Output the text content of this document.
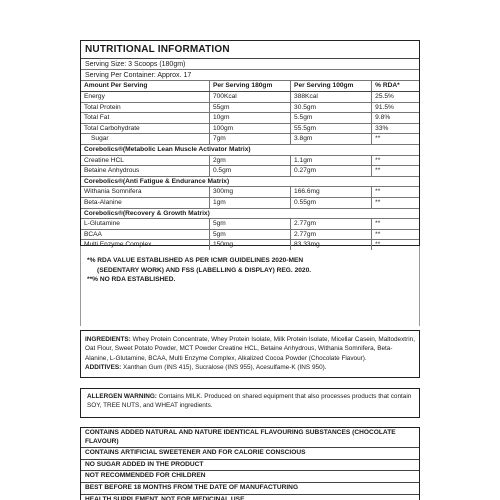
NUTRITIONAL INFORMATION
Serving Size: 3 Scoops (180gm)
Serving Per Container: Approx. 17
Amount Per Serving	Per Serving 180gm	Per Serving 100gm	% RDA*
Energy	700Kcal	388Kcal	25.5%
Total Protein	55gm	30.5gm	91.5%
Total Fat	10gm	5.5gm	9.8%
Total Carbohydrate	100gm	55.5gm	33%
Sugar	7gm	3.8gm	**
Corebolics®(Metabolic Lean Muscle Activator Matrix)			
Creatine HCL	2gm	1.1gm	**
Betaine Anhydrous	0.5gm	0.27gm	**
Corebolics®(Anti Fatigue & Endurance Matrix)			
Withania Somnifera	300mg	166.6mg	**
Beta-Alanine	1gm	0.55gm	**
Corebolics®(Recovery & Growth Matrix)			
L-Glutamine	5gm	2.77gm	**
BCAA	5gm	2.77gm	**
Multi Enzyme Complex	150mg	83.33mg	**
*% RDA VALUE ESTABLISHED AS PER ICMR GUIDELINES 2020-MEN
(SEDENTARY WORK) AND FSS (LABELLING & DISPLAY) REG. 2020.
**% NO RDA ESTABLISHED.
INGREDIENTS: Whey Protein Concentrate, Whey Protein Isolate, Milk Protein Isolate, Micellar Casein, Maltodextrin, Oat Flour, Sweet Potato Powder, MCT Powder Creatine HCL, Betaine Anhydrous, Withania Somnifera, Beta-Alanine, L-Glutamine, BCAA, Multi Enzyme Complex, Alkalized Cocoa Powder (Chocolate Flavour).
ADDITIVES: Xanthan Gum (INS 415), Sucralose (INS 955), Acesulfame-K (INS 950).
ALLERGEN WARNING: Contains MILK. Produced on shared equipment that also processes products that contain SOY, TREE NUTS, and WHEAT ingredients.
CONTAINS ADDED NATURAL AND NATURE IDENTICAL FLAVOURING SUBSTANCES (CHOCOLATE FLAVOUR)
CONTAINS ARTIFICIAL SWEETENER AND FOR CALORIE CONSCIOUS
NO SUGAR ADDED IN THE PRODUCT
NOT RECOMMENDED FOR CHILDREN
BEST BEFORE 18 MONTHS FROM THE DATE OF MANUFACTURING
HEALTH SUPPLEMENT. NOT FOR MEDICINAL USE
